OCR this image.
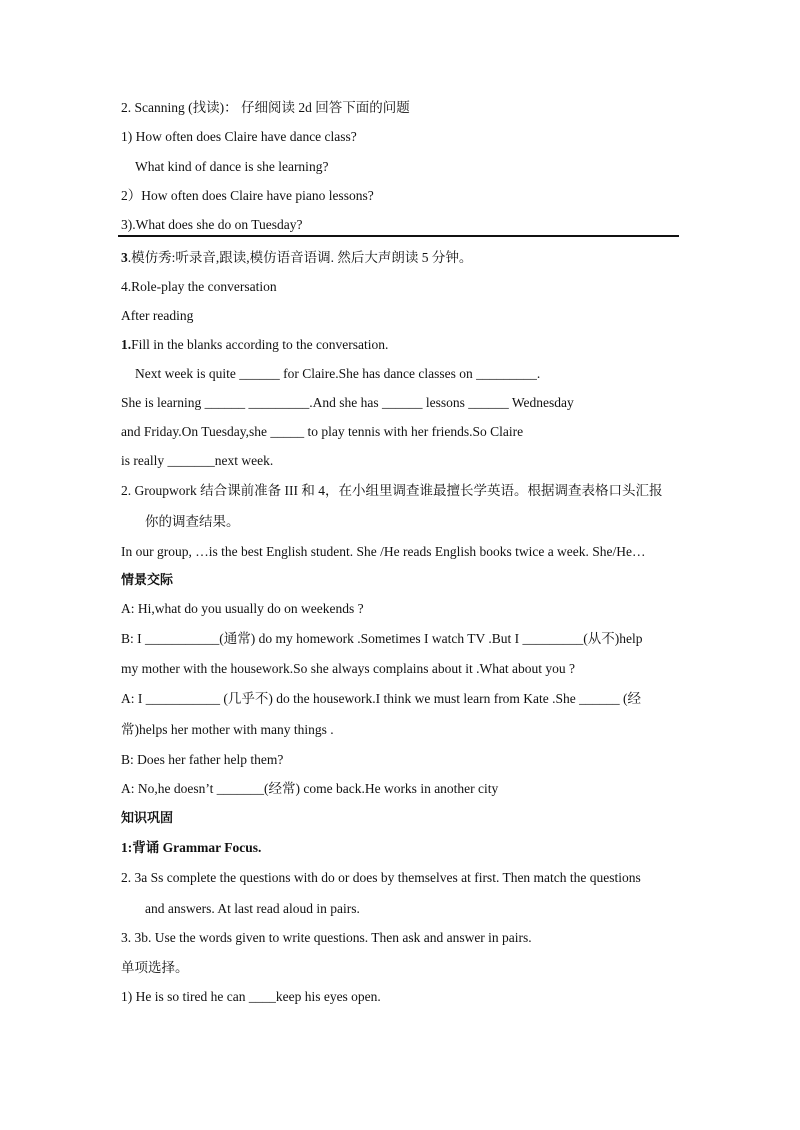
2. Scanning (找读)： 仔细阅读 2d 回答下面的问题
1) How often does Claire have dance class?
What kind of dance is she learning?
2）How often does Claire have piano lessons?
3).What does she do on Tuesday?
3.模仿秀:听录音,跟读,模仿语音语调. 然后大声朗读 5 分钟。
4.Role-play the conversation
After reading
1.Fill in the blanks according to the conversation.
Next week is quite ______ for Claire.She has dance classes on _________.
She is learning ______ _________.And she has ______ lessons ______ Wednesday
and Friday.On Tuesday,she _____ to play tennis with her friends.So Claire
is really _______next week.
2. Groupwork 结合课前准备 III 和 4，在小组里调查谁最擅长学英语。根据调查表格口头汇报
你的调查结果。
In our group, …is the best English student. She /He reads English books twice a week. She/He…
情景交际
A: Hi,what do you usually do on weekends ?
B: I ___________(通常) do my homework .Sometimes I watch TV .But I _________(从不)help
my mother with the housework.So she always complains about it .What about you ?
A: I ___________ (几乎不) do the housework.I think we must learn from Kate .She ______ (经
常)helps her mother with many things .
B: Does her father help them?
A: No,he doesn’t _______(经常) come back.He works in another city
知识巩固
1:背诵 Grammar Focus.
2. 3a Ss complete the questions with do or does by themselves at first. Then match the questions
and answers. At last read aloud in pairs.
3. 3b. Use the words given to write questions. Then ask and answer in pairs.
单项选择。
1) He is so tired he can ____keep his eyes open.
